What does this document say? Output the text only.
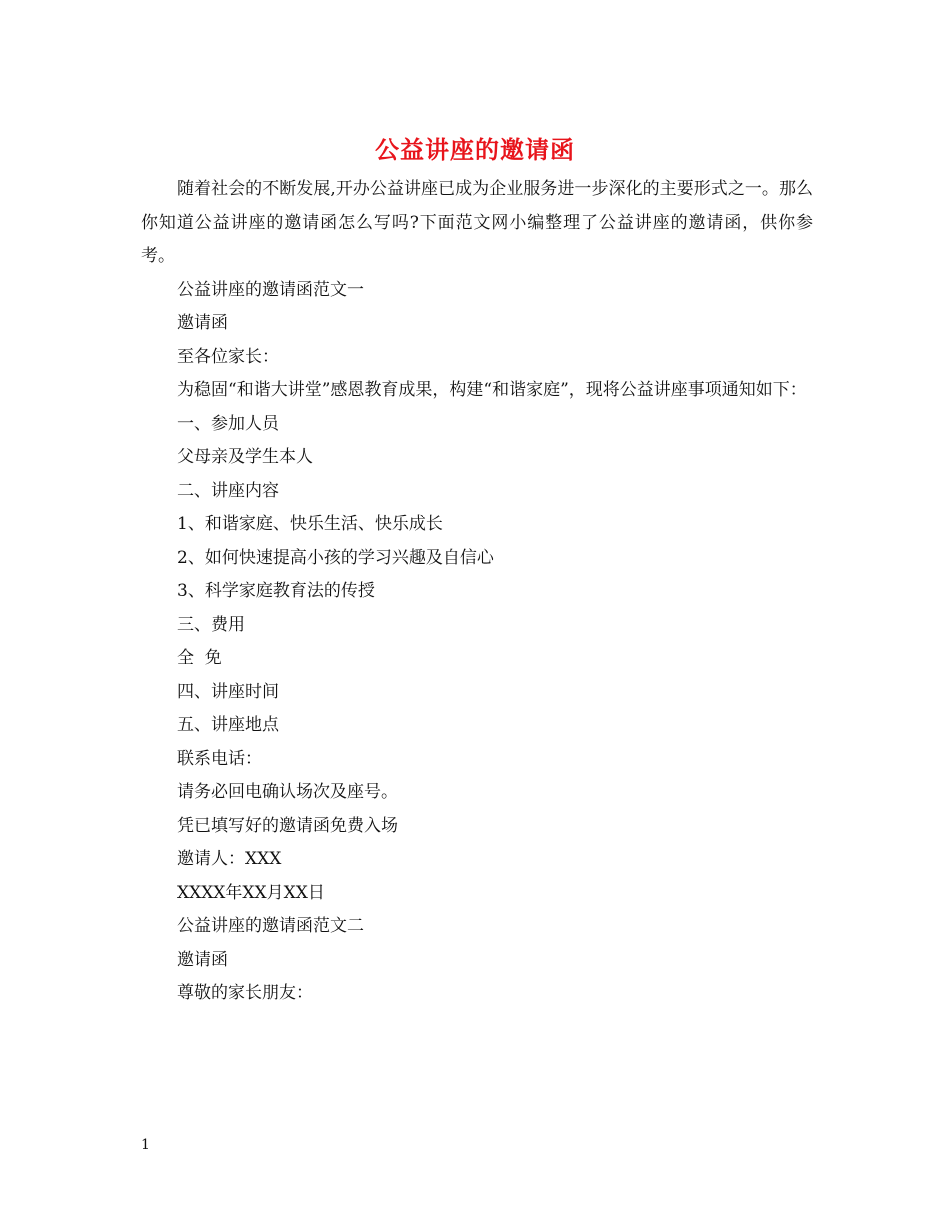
公益讲座的邀请函

随着社会的不断发展,开办公益讲座已成为企业服务进一步深化的主要形式之一。那么你知道公益讲座的邀请函怎么写吗?下面范文网小编整理了公益讲座的邀请函，供你参考。

公益讲座的邀请函范文一

邀请函

至各位家长：

为稳固“和谐大讲堂”感恩教育成果，构建“和谐家庭”，现将公益讲座事项通知如下：

一、参加人员

父母亲及学生本人

二、讲座内容

1、和谐家庭、快乐生活、快乐成长

2、如何快速提高小孩的学习兴趣及自信心

3、科学家庭教育法的传授

三、费用

全  免

四、讲座时间

五、讲座地点

联系电话：

请务必回电确认场次及座号。

凭已填写好的邀请函免费入场

邀请人：XXX

XXXX年XX月XX日

公益讲座的邀请函范文二

邀请函

尊敬的家长朋友：

1
